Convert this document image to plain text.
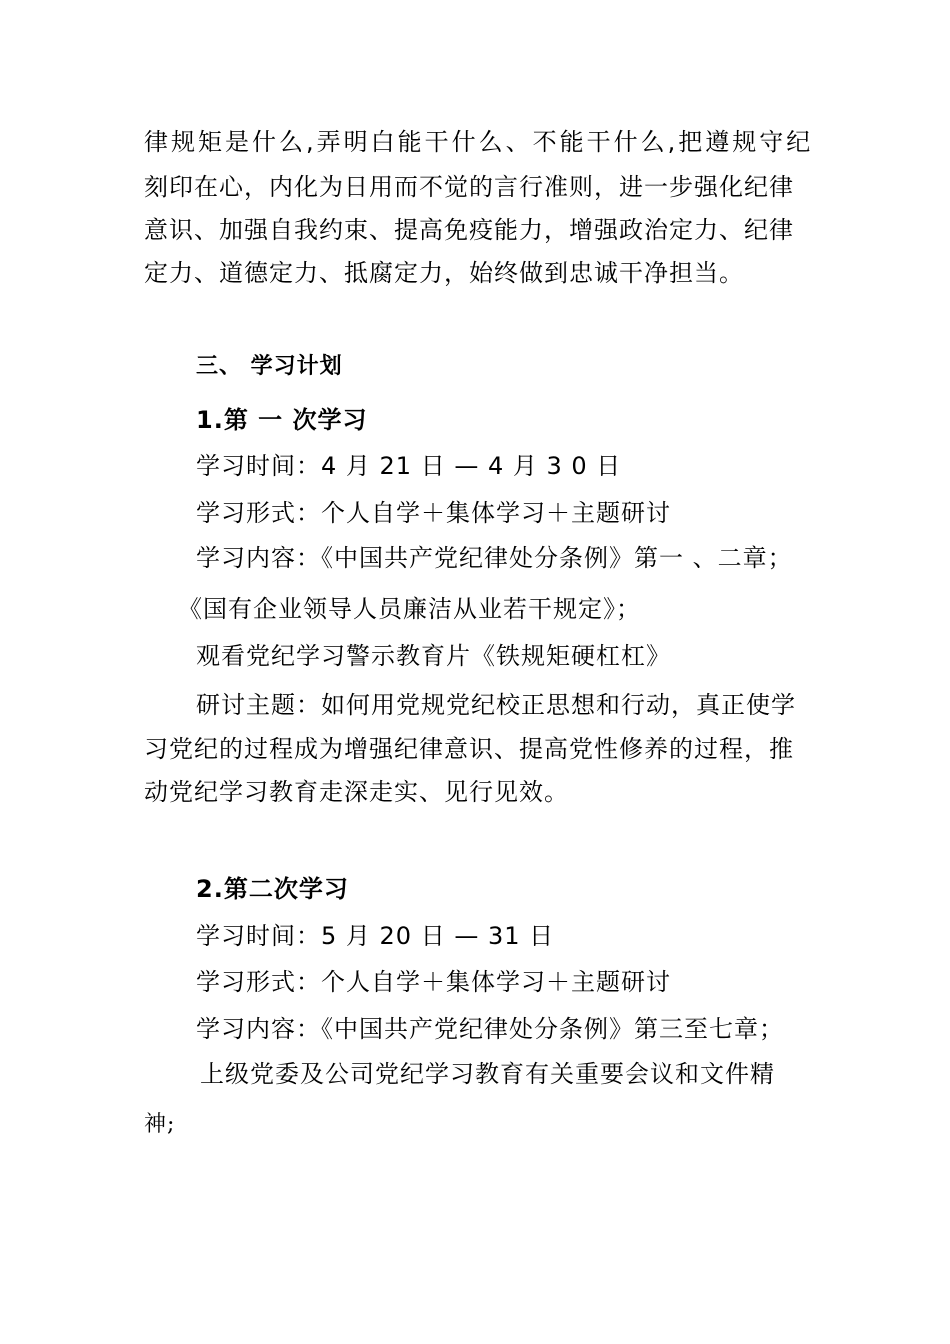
律规矩是什么,弄明白能干什么、不能干什么,把遵规守纪
刻印在心，内化为日用而不觉的言行准则，进一步强化纪律
意识、加强自我约束、提高免疫能力，增强政治定力、纪律
定力、道德定力、抵腐定力，始终做到忠诚干净担当。
三、 学习计划
1.第 一 次学习
学习时间：4 月 21 日 — 4 月 3 0 日
学习形式：个人自学＋集体学习＋主题研讨
学习内容：《中国共产党纪律处分条例》第一 、二章；
《国有企业领导人员廉洁从业若干规定》；
观看党纪学习警示教育片《铁规矩硬杠杠》
研讨主题：如何用党规党纪校正思想和行动，真正使学
习党纪的过程成为增强纪律意识、提高党性修养的过程，推
动党纪学习教育走深走实、见行见效。
2.第二次学习
学习时间：5 月 20 日 — 31 日
学习形式：个人自学＋集体学习＋主题研讨
学习内容：《中国共产党纪律处分条例》第三至七章；
上级党委及公司党纪学习教育有关重要会议和文件精
神;
